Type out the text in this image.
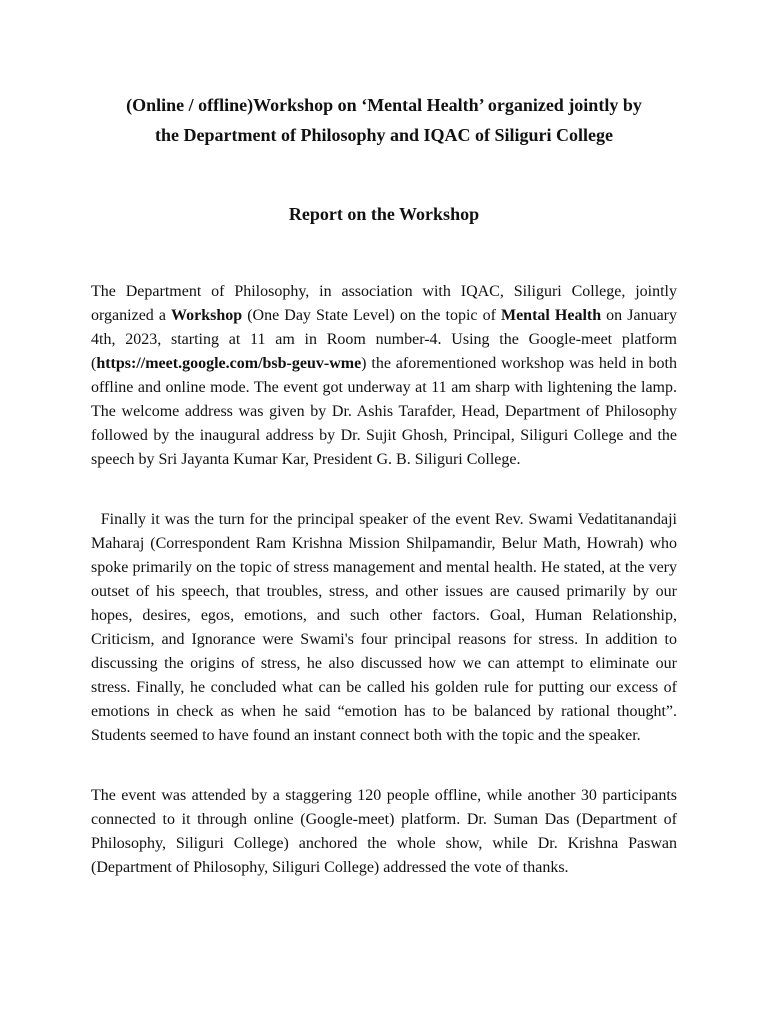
(Online / offline)Workshop on ‘Mental Health’ organized jointly by
the Department of Philosophy and IQAC of Siliguri College
Report on the Workshop

The Department of Philosophy, in association with IQAC, Siliguri College, jointly organized a Workshop (One Day State Level) on the topic of Mental Health on January 4th, 2023, starting at 11 am in Room number-4. Using the Google-meet platform (https://meet.google.com/bsb-geuv-wme) the aforementioned workshop was held in both offline and online mode. The event got underway at 11 am sharp with lightening the lamp. The welcome address was given by Dr. Ashis Tarafder, Head, Department of Philosophy followed by the inaugural address by Dr. Sujit Ghosh, Principal, Siliguri College and the speech by Sri Jayanta Kumar Kar, President G. B. Siliguri College.

Finally it was the turn for the principal speaker of the event Rev. Swami Vedatitanandaji Maharaj (Correspondent Ram Krishna Mission Shilpamandir, Belur Math, Howrah) who spoke primarily on the topic of stress management and mental health. He stated, at the very outset of his speech, that troubles, stress, and other issues are caused primarily by our hopes, desires, egos, emotions, and such other factors. Goal, Human Relationship, Criticism, and Ignorance were Swami's four principal reasons for stress. In addition to discussing the origins of stress, he also discussed how we can attempt to eliminate our stress. Finally, he concluded what can be called his golden rule for putting our excess of emotions in check as when he said “emotion has to be balanced by rational thought”. Students seemed to have found an instant connect both with the topic and the speaker.

The event was attended by a staggering 120 people offline, while another 30 participants connected to it through online (Google-meet) platform. Dr. Suman Das (Department of Philosophy, Siliguri College) anchored the whole show, while Dr. Krishna Paswan (Department of Philosophy, Siliguri College) addressed the vote of thanks.
